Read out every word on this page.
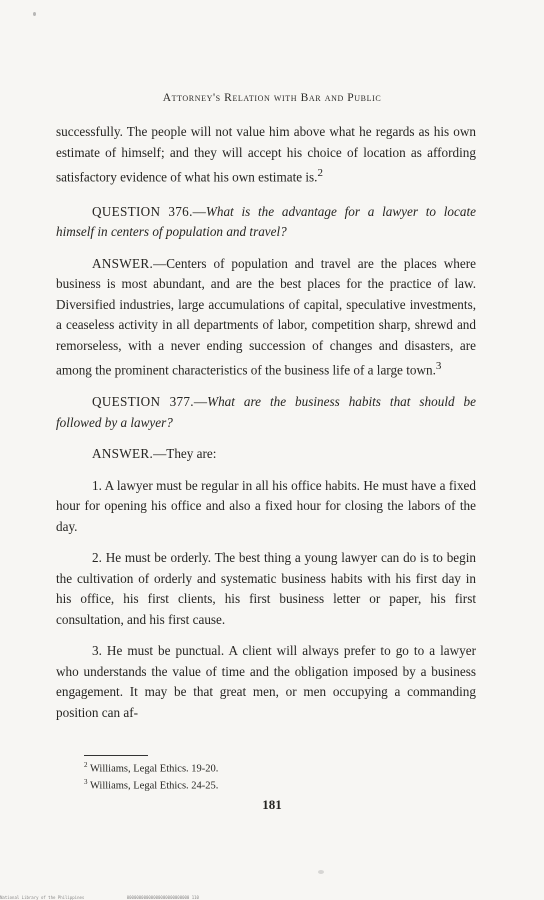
Attorney's Relation with Bar and Public

successfully. The people will not value him above what he regards as his own estimate of himself; and they will accept his choice of location as affording satisfactory evidence of what his own estimate is.$^2$

QUESTION 376.—What is the advantage for a lawyer to locate himself in centers of population and travel?

ANSWER.—Centers of population and travel are the places where business is most abundant, and are the best places for the practice of law. Diversified industries, large accumulations of capital, speculative investments, a ceaseless activity in all departments of labor, competition sharp, shrewd and remorseless, with a never ending succession of changes and disasters, are among the prominent characteristics of the business life of a large town.$^3$

QUESTION 377.—What are the business habits that should be followed by a lawyer?

ANSWER.—They are:

1. A lawyer must be regular in all his office habits. He must have a fixed hour for opening his office and also a fixed hour for closing the labors of the day.

2. He must be orderly. The best thing a young lawyer can do is to begin the cultivation of orderly and systematic business habits with his first day in his office, his first clients, his first business letter or paper, his first consultation, and his first cause.

3. He must be punctual. A client will always prefer to go to a lawyer who understands the value of time and the obligation imposed by a business engagement. It may be that great men, or men occupying a commanding position can af-

$^2$ Williams, Legal Ethics. 19-20.
$^3$ Williams, Legal Ethics. 24-25.
181
National Library of the Philippines	00000000000000000000000000 110
